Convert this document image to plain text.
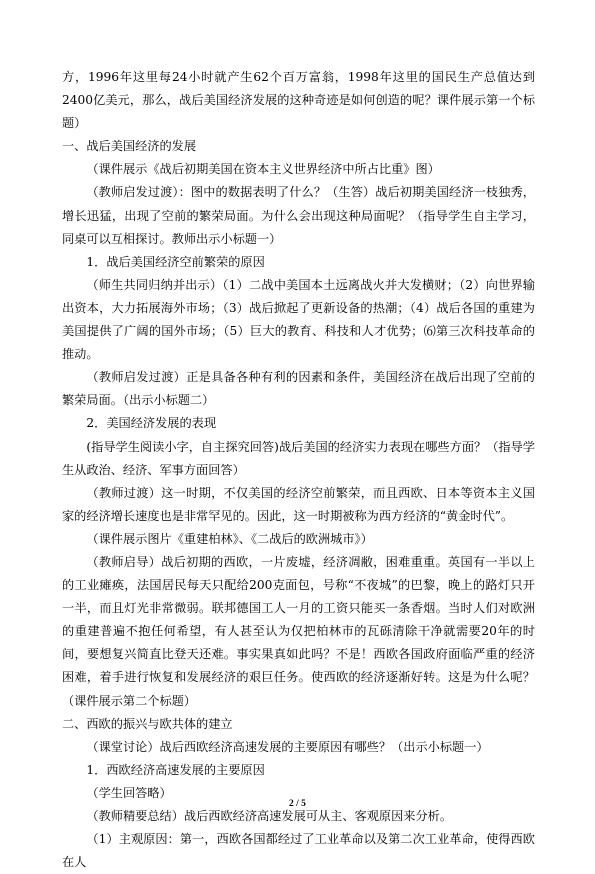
方，1996年这里每24小时就产生62个百万富翁，1998年这里的国民生产总值达到2400亿美元，那么，战后美国经济发展的这种奇迹是如何创造的呢？课件展示第一个标题）

一、战后美国经济的发展

（课件展示《战后初期美国在资本主义世界经济中所占比重》图）

（教师启发过渡）：图中的数据表明了什么？（生答）战后初期美国经济一枝独秀，增长迅猛，出现了空前的繁荣局面。为什么会出现这种局面呢？（指导学生自主学习，同桌可以互相探讨。教师出示小标题一）

1．战后美国经济空前繁荣的原因

（师生共同归纳并出示）（1）二战中美国本土远离战火并大发横财；（2）向世界输出资本，大力拓展海外市场；（3）战后掀起了更新设备的热潮；（4）战后各国的重建为美国提供了广阔的国外市场；（5）巨大的教育、科技和人才优势；⑹第三次科技革命的推动。

（教师启发过渡）正是具备各种有利的因素和条件，美国经济在战后出现了空前的繁荣局面。（出示小标题二）

2．美国经济发展的表现

(指导学生阅读小字，自主探究回答)战后美国的经济实力表现在哪些方面？（指导学生从政治、经济、军事方面回答）

（教师过渡）这一时期，不仅美国的经济空前繁荣，而且西欧、日本等资本主义国家的经济增长速度也是非常罕见的。因此，这一时期被称为西方经济的“黄金时代”。

（课件展示图片《重建柏林》、《二战后的欧洲城市》）

（教师启导）战后初期的西欧，一片废墟，经济凋敝，困难重重。英国有一半以上的工业瘫痪，法国居民每天只配给200克面包，号称“不夜城”的巴黎，晚上的路灯只开一半，而且灯光非常微弱。联邦德国工人一月的工资只能买一条香烟。当时人们对欧洲的重建普遍不抱任何希望，有人甚至认为仅把柏林市的瓦砾清除干净就需要20年的时间，要想复兴简直比登天还难。事实果真如此吗？不是！西欧各国政府面临严重的经济困难，着手进行恢复和发展经济的艰巨任务。使西欧的经济逐渐好转。这是为什么呢？（课件展示第二个标题）

二、西欧的振兴与欧共体的建立

（课堂讨论）战后西欧经济高速发展的主要原因有哪些？（出示小标题一）

1．西欧经济高速发展的主要原因

（学生回答略）

（教师精要总结）战后西欧经济高速发展可从主、客观原因来分析。

（1）主观原因：第一，西欧各国都经过了工业革命以及第二次工业革命，使得西欧在人

2 / 5
